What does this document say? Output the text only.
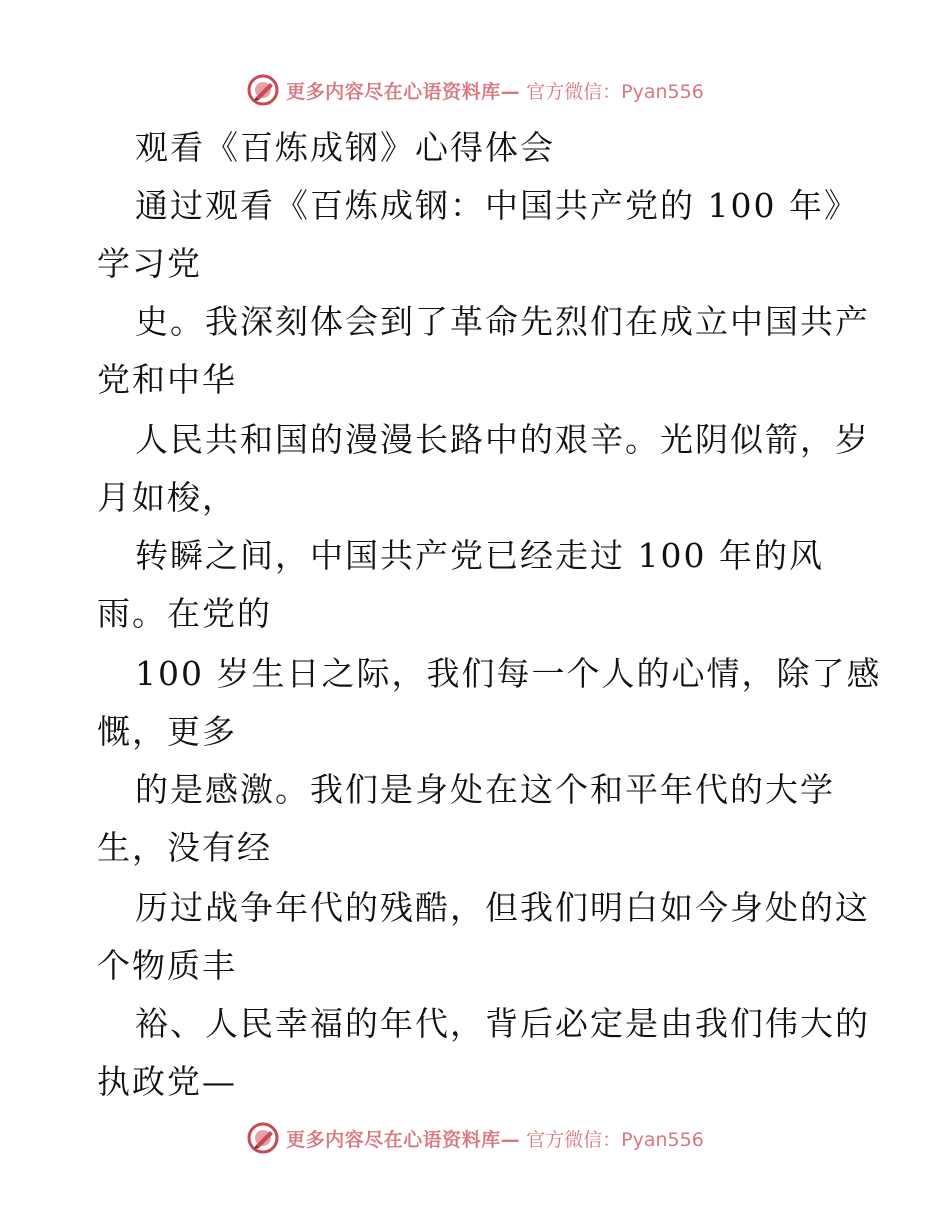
更多内容尽在心语资料库— 官方微信：Pyan556
观看《百炼成钢》心得体会
通过观看《百炼成钢：中国共产党的 100 年》
学习党
史。我深刻体会到了革命先烈们在成立中国共产
党和中华
人民共和国的漫漫长路中的艰辛。光阴似箭，岁
月如梭，
转瞬之间，中国共产党已经走过 100 年的风
雨。在党的
100 岁生日之际，我们每一个人的心情，除了感
慨，更多
的是感激。我们是身处在这个和平年代的大学
生，没有经
历过战争年代的残酷，但我们明白如今身处的这
个物质丰
裕、人民幸福的年代，背后必定是由我们伟大的
执政党—
更多内容尽在心语资料库— 官方微信：Pyan556
